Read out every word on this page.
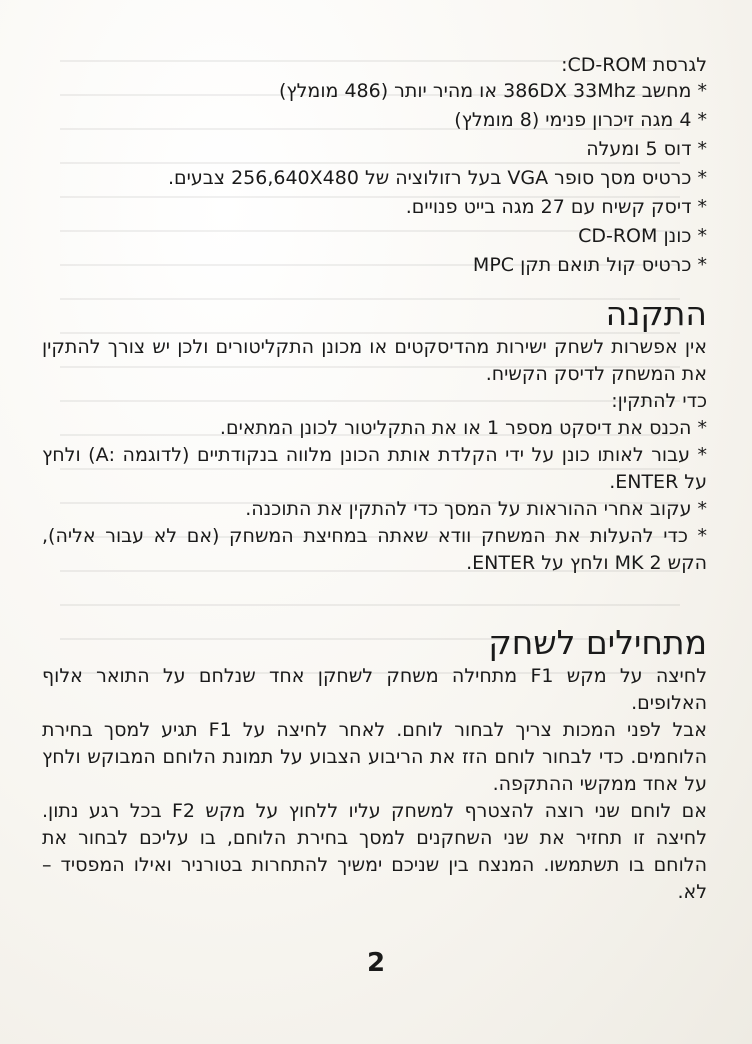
לגרסת CD-ROM:

* מחשב 386DX 33Mhz או מהיר יותר (486 מומלץ)
* 4 מגה זיכרון פנימי (8 מומלץ)
* דוס 5 ומעלה
* כרטיס מסך סופר VGA בעל רזולוציה של 256,640X480 צבעים.
* דיסק קשיח עם 27 מגה בייט פנויים.
* כונן CD-ROM
* כרטיס קול תואם תקן MPC
התקנה

אין אפשרות לשחק ישירות מהדיסקטים או מכונן התקליטורים ולכן יש צורך להתקין את המשחק לדיסק הקשיח.

כדי להתקין:

* הכנס את דיסקט מספר 1 או את התקליטור לכונן המתאים.

* עבור לאותו כונן על ידי הקלדת אותת הכונן מלווה בנקודתיים (לדוגמה :A) ולחץ על ENTER.

* עקוב אחרי ההוראות על המסך כדי להתקין את התוכנה.

* כדי להעלות את המשחק וודא שאתה במחיצת המשחק (אם לא עבור אליה), הקש MK 2 ולחץ על ENTER.

מתחילים לשחק

לחיצה על מקש F1 מתחילה משחק לשחקן אחד שנלחם על התואר אלוף האלופים.

אבל לפני המכות צריך לבחור לוחם. לאחר לחיצה על F1 תגיע למסך בחירת הלוחמים. כדי לבחור לוחם הזז את הריבוע הצבוע על תמונת הלוחם המבוקש ולחץ על אחד ממקשי ההתקפה.

אם לוחם שני רוצה להצטרף למשחק עליו ללחוץ על מקש F2 בכל רגע נתון. לחיצה זו תחזיר את שני השחקנים למסך בחירת הלוחם, בו עליכם לבחור את הלוחם בו תשתמשו. המנצח בין שניכם ימשיך להתחרות בטורניר ואילו המפסיד – לא.

2
